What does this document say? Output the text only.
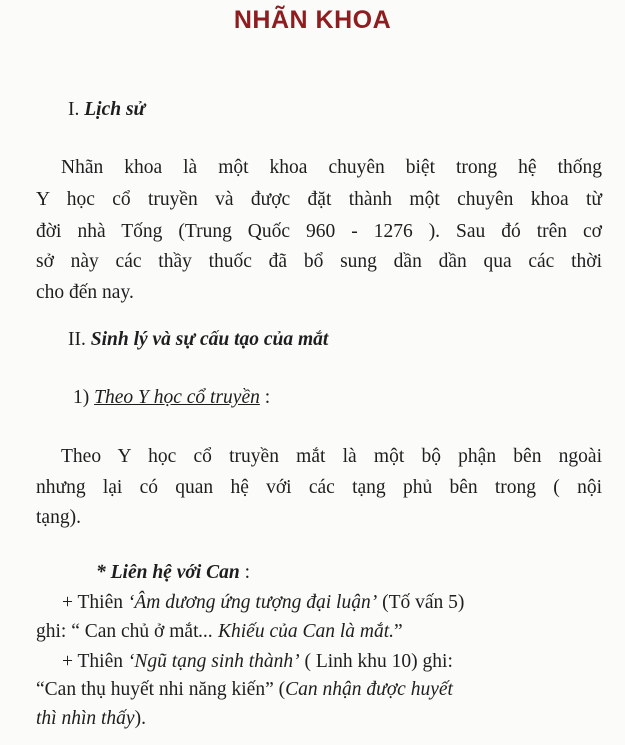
NHÃN KHOA
I. Lịch sử
Nhãn khoa là một khoa chuyên biệt trong hệ thống
Y học cổ truyền và được đặt thành một chuyên khoa từ
đời nhà Tống (Trung Quốc 960 - 1276 ). Sau đó trên cơ
sở này các thầy thuốc đã bổ sung dần dần qua các thời
cho đến nay.
II. Sinh lý và sự cấu tạo của mắt
1) Theo Y học cổ truyền :
Theo Y học cổ truyền mắt là một bộ phận bên ngoài
nhưng lại có quan hệ với các tạng phủ bên trong ( nội
tạng).
* Liên hệ với Can :
+ Thiên ‘Âm dương ứng tượng đại luận’ (Tố vấn 5)
ghi: “ Can chủ ở mắt... Khiếu của Can là mắt.”
+ Thiên ‘Ngũ tạng sinh thành’ ( Linh khu 10) ghi:
“Can thụ huyết nhi năng kiến” (Can nhận được huyết
thì nhìn thấy).
